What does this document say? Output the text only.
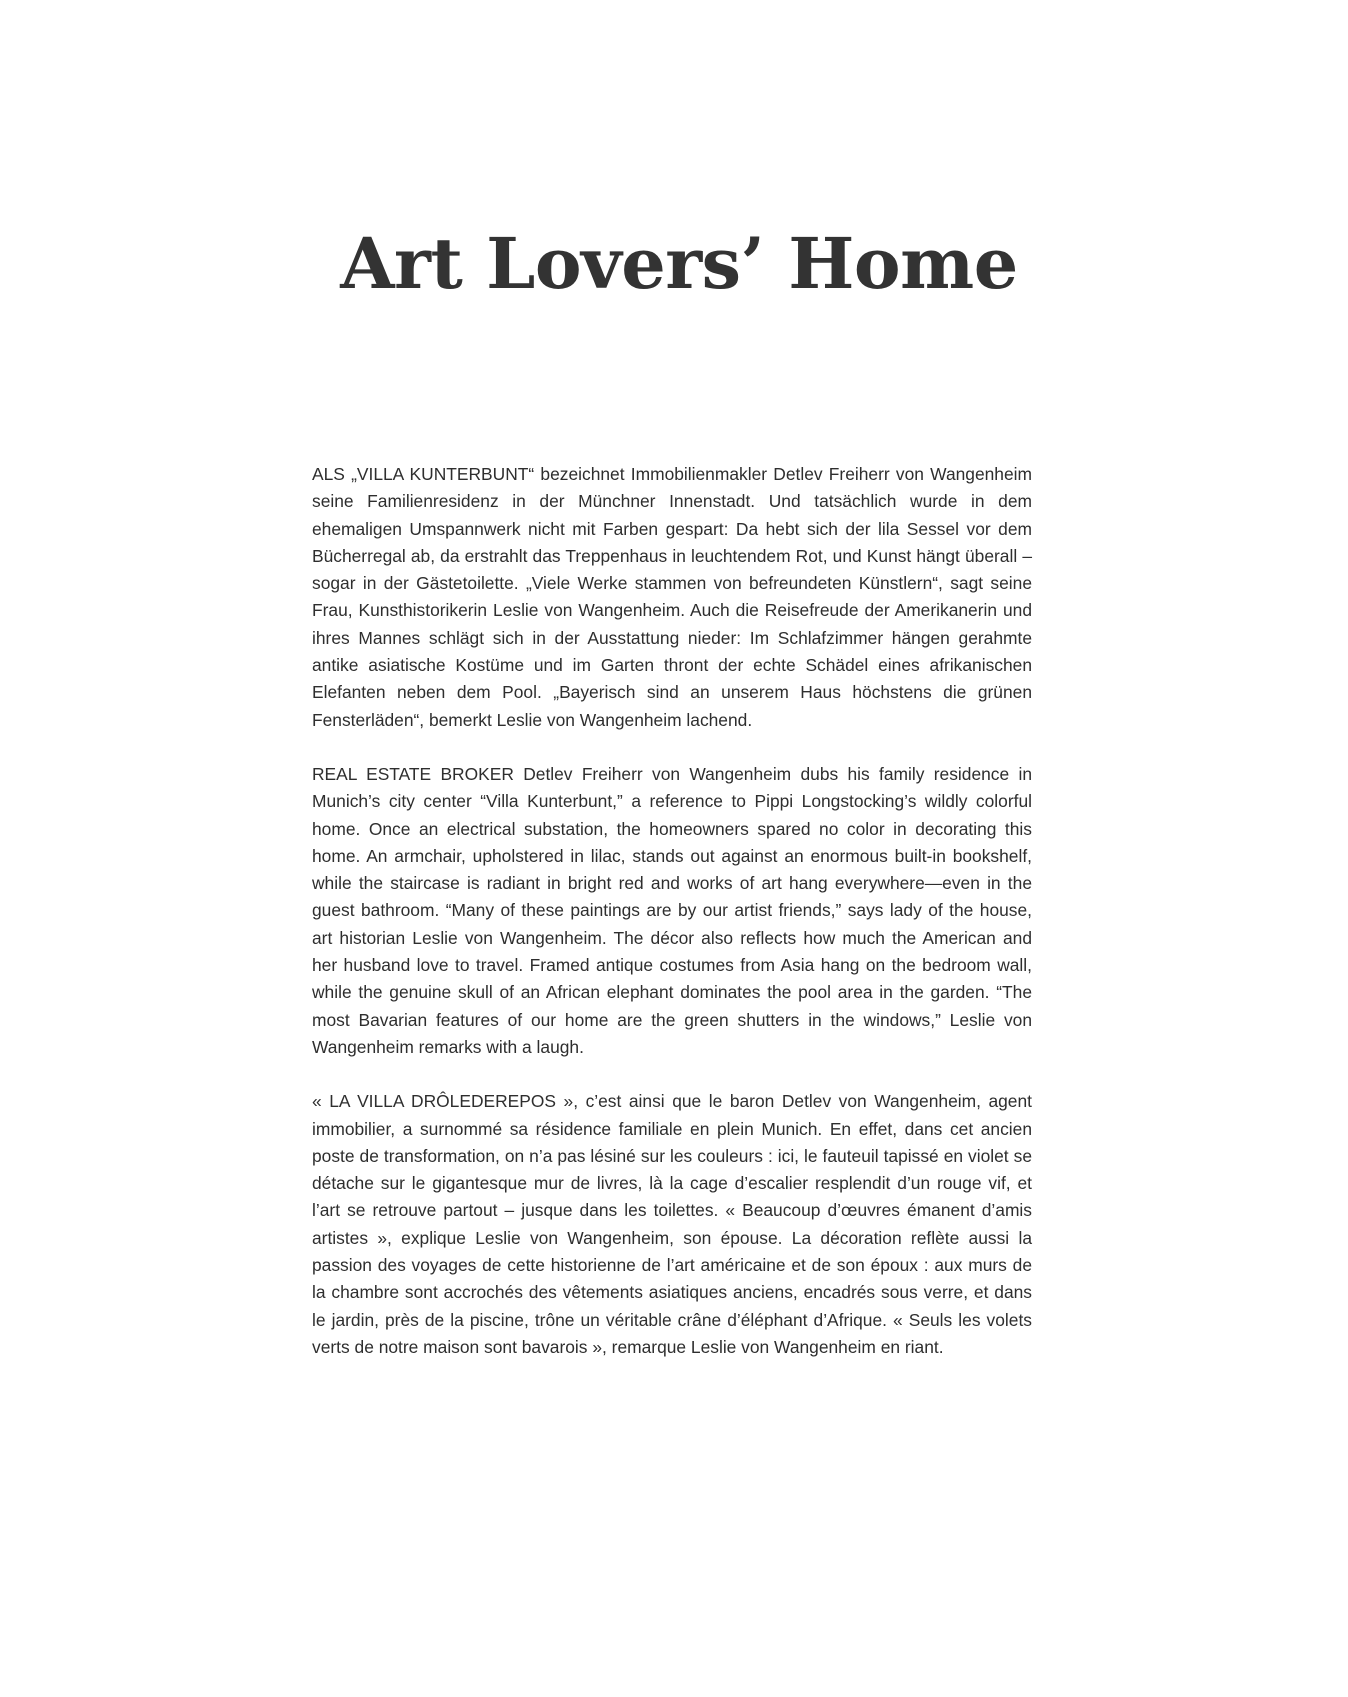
Art Lovers’ Home

ALS „VILLA KUNTERBUNT“ bezeichnet Immobilienmakler Detlev Freiherr von Wangenheim seine Familienresidenz in der Münchner Innenstadt. Und tatsächlich wurde in dem ehemaligen Umspannwerk nicht mit Farben gespart: Da hebt sich der lila Sessel vor dem Bücherregal ab, da erstrahlt das Treppenhaus in leuchtendem Rot, und Kunst hängt überall – sogar in der Gästetoilette. „Viele Werke stammen von befreundeten Künstlern“, sagt seine Frau, Kunsthistorikerin Leslie von Wangenheim. Auch die Reisefreude der Amerikanerin und ihres Mannes schlägt sich in der Ausstattung nieder: Im Schlafzimmer hängen gerahmte antike asiatische Kostüme und im Garten thront der echte Schädel eines afrikanischen Elefanten neben dem Pool. „Bayerisch sind an unserem Haus höchstens die grünen Fensterläden“, bemerkt Leslie von Wangenheim lachend.

REAL ESTATE BROKER Detlev Freiherr von Wangenheim dubs his family residence in Munich’s city center “Villa Kunterbunt,” a reference to Pippi Longstocking’s wildly colorful home. Once an electrical substation, the homeowners spared no color in decorating this home. An armchair, upholstered in lilac, stands out against an enormous built-in bookshelf, while the staircase is radiant in bright red and works of art hang everywhere—even in the guest bathroom. “Many of these paintings are by our artist friends,” says lady of the house, art historian Leslie von Wangenheim. The décor also reflects how much the American and her husband love to travel. Framed antique costumes from Asia hang on the bedroom wall, while the genuine skull of an African elephant dominates the pool area in the garden. “The most Bavarian features of our home are the green shutters in the windows,” Leslie von Wangenheim remarks with a laugh.

« LA VILLA DRÔLEDEREPOS », c’est ainsi que le baron Detlev von Wangenheim, agent immobilier, a surnommé sa résidence familiale en plein Munich. En effet, dans cet ancien poste de transformation, on n’a pas lésiné sur les couleurs : ici, le fauteuil tapissé en violet se détache sur le gigantesque mur de livres, là la cage d’escalier resplendit d’un rouge vif, et l’art se retrouve partout – jusque dans les toilettes. « Beaucoup d’œuvres émanent d’amis artistes », explique Leslie von Wangenheim, son épouse. La décoration reflète aussi la passion des voyages de cette historienne de l’art américaine et de son époux : aux murs de la chambre sont accrochés des vêtements asiatiques anciens, encadrés sous verre, et dans le jardin, près de la piscine, trône un véritable crâne d’éléphant d’Afrique. « Seuls les volets verts de notre maison sont bavarois », remarque Leslie von Wangenheim en riant.
